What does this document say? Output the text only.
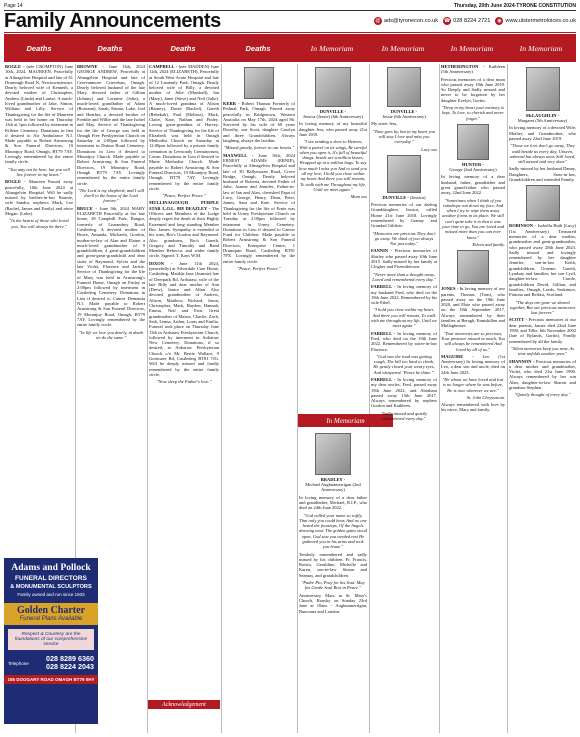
Page 14	Thursday, 20th June 2024-TYRONE CONSTITUTION
Family Announcements	@ ads@tyronecon.co.uk ☎ 028 8224 2721	◉ www.ulstermetroloices.co.uk
Deaths	Deaths	Deaths	Deaths	In Memoriam	In Memoriam	In Memoriam	In Memoriam

BOGLE - (née CROMPTON) June 10th, 2024. MAUREEN, Peacefully at Altnagelvin Hospital and late of 61 Drumragh Road N, Newtownstewart. Dearly beloved wife of Kenneth, a devoted mother of Christopher, Andrew (Linda) and Louise. A much-loved grandmother of Jake, Simon, William and Lilly. Service of Thanksgiving for the life of Maureen was held in her home on Thursday 13th at 1pm followed by interment in Killeter Cemetery. Donations in lieu if desired to Air Ambulance N.I. Made payable to Robert Armstrong & Son Funeral Directors, 19 Mountjoy Road, Omagh, BT79 7AY. Lovingly remembered by the entire family circle.

"You may not be here, but you will live forever in my heart."

BOGLE - Maureen Passed away peacefully, 10th June 2024 at Altnagelvin Hospital. Will be sadly missed by brother-in-law Ronnie, wife Sandra, nephews Mark, Lee (Rachel, James and Emily) and niece Megan. (Luke).

"In the hearts of those who loved you, You will always be there."

Adams and Pollock
FUNERAL DIRECTORS
& MONUMENTAL SCULPTORS
Family owned and run since 1933
Golden Charter
Funeral Plans Available
Respect & Courtesy are the foundations of our comprehensive service
Telephone 028 8289 6360
028 8224 2043
155 DOOGARY ROAD OMAGH BT79 0HY

BROWNE - June 13th, 2024 GEORGE ANDREW, Peacefully at Altnagelvin Hospital and late of Creevanmore Crieveban, Omagh. Dearly beloved husband of the late Mary, devoted father of Gillian (Johnny) and Lorraine (John), a much-loved grandfather of Adam (Roseann), Sarah, Emma, Luke, Joel and Heather, a devoted brother of Freddie and Willie and the late Isobel and May. Service of Thanksgiving for the life of George was held in Omagh Free Presbyterian Church on Saturday at 2:00pm followed by interment in Dutton Road Cemetery. Donations in Lieu if desired to Mountjoy Church. Made payable to Robert Armstrong & Son Funeral Directors, 19 Mountjoy Road, Omagh BT79 7AY. Lovingly remembered by the entire family circle.

"The Lord is my shepherd; and I will dwell in the house of the Lord forever."

BRUCE - June 9th, 2024 MARY ELIZABETH Peacefully at her late home, 38 Campbill Park, Bangor, formerly of Lisnamboy Road, Castlederg. A devoted mother of Bruce, Amanda, Michaela, Gordon, mother-in-law of Alan and Elaine, a much-loved grandmother of 9 grandchildren, 4 great-grandchildren and great-great-grandchild and dear sister of Raymond, Sylvia and the late Violet, Florence and Jackie. Service of Thanksgiving for the life of Mary was held in Armstrong's Funeral Home, Omagh on Friday at 2:00pm followed by interment in Castlederg Cemetery. Donations in Lieu if desired to Cancer Dementia N.I. Made payable to Robert Armstrong & Son Funeral Directors, 19 Mountjoy Road, Omagh, BT79 7AY. Lovingly remembered by the entire family circle.

"In life we love you dearly, in death we do the same."

CAMPBELL - (née MADDEN) June 12th, 2024 (ELIZABETH), Peacefully at South West Acute Hospital and late of 12 Lisnemly Park, Omagh. Dearly beloved wife of Billy, a devoted mother of Julie (Marshall), Ian (Mary), Janet (Steve) and Neil (Julie). A much-loved grandma of Alison (Barney), David (Rachel), Gareth (Rebekah), Paul (Melissa), Mark, Claire, Kate, Nathan and Finley. Loving great-grandma of Harvey. Service of Thanksgiving for the life of Elizabeth was held in Omagh Methodist Church on Saturday at 12:00pm followed by a private family cremation in Leeisondy Crematorium, Cavan. Donations in Lieu if desired to Marie Methodist Church. Made payable to Robert Armstrong & Son Funeral Directors, 19 Mountjoy Road, Omagh, BT79 7AY. Lovingly remembered by the entire family circle.

"Peace, Perfect Peace."

MULLINAGOUGH PURPLE STAR L.O.L. 888 DEAZLEY - The Officers and Members of the Lodge deeply regret the death of their Highly Esteemed and long standing Member Bro. James. Sympathy is extended to his sons, Bro's Gordon and Raymond. Also grandsons, Bro's Gareth, Gregory and Timothy and Band Member Rebecca, and wider family circle. Signed: T. Kays W.M.

DIXON - June 11th 2024, (peacefully) at Silverdale Care Home, Castlederg. Matilda Jane (Jeannie) late of Deerpark Rd, Ardstraw, wife of the late Billy and dear mother of Ann (Drew), Janice and Allan. Also devoted grandmother of Andrew, Alison, Matthew, Richard, Jason, Christopher, Mark, Hayden, Hannah, Emma, Neil and Erin. Great grandmother of Maisie, Charlie, Zach, Seth, Lenna, Arthur, Louis and Emilia. Funeral took place on Thursday June 13th in Ardstraw Presbyterian Church, followed by interment in Ardstraw New Cemetery. Donations, if so desired, to Ardstraw Presbyterian Church c/o Mr. Bertie Wallace, 9 Gortmore Rd, Castlederg BT81 7JG. Will be deeply missed and fondly remembered by the entire family circle.

"Now sleep the Father's love."

Acknowledgement

KERR - Robert Thomas Formerly of Pedinal Park, Omagh. Passed away peacefully in Bridgetown, Western Australia on May 17th, 2024 aged 86. Survived by his wife of 60 years Dorothy, son Scott, daughter Carolyn and three Grandchildren. Always laughing, always the larrikin.

"Missed greatly, forever in our hearts."

MAXWELL - June 16th, 2024 ERNEST ADAMS (ERNIE), Peacefully at Altnagelvin Hospital and late of 30 Ballymoran Road, Creve Bridge, Omagh. Dearly beloved husband of Roberta, devoted Father of Julie, Joanne and Jennifer, Father-in-law of Ian and Alan, cherished Papa of Lucy, George, Henry, Dean, Peter, James, Sam and Kate. Service of Thanksgiving for the life of Ernie was held in Urney Presbyterian Church on Tuesday at 2.00pm followed by interment in Urney Cemetery. Donations in Lieu if desired to Cancer Fund for Children. Made payable to Robert Armstrong & Son Funeral Directors, Enterprise Centre, 1 Drumquin Road, Castlederg BT81 7PX. Lovingly remembered by the entire family circle.

"Peace, Perfect Peace."

DUNVILLE -
Jessica (Jessie) (6th Anniversary)

In loving memory of my beautiful daughter Jess, who passed away 21st June 2018.

"I sex sending a dove to Heaven, With a parcel on its wings, Be careful when you open it, It's full of beautiful things. Inside are a million kisses, Wrapped up in a million hugs, To say how much I miss you And to send you all my love, I hold you close within my heart And there you will remain, To walk with me Throughout my life, Until we meet again."

Mum xxx

In Memoriam
BRADLEY -
Michael Aughnamerrigan (2nd Anniversary)

In loving memory of a dear father and grandfather, Michael, R.I.P., who died on 24th June 2022.

"God called your name so softly, That only you could hear, And no one heard the footsteps, Of the Angels drawing near. The golden gates stood open, God saw you needed rest He gathered you in his arms and took you home."

Tenderly remembered and sadly missed by his children, Fr. Francis, Roisin, Geraldine, Michelle and Karen, son-in-law Simon and Seamus, and grandchildren.

"Padre Pio, Pray for his Soul. May his Gentle Soul Rest in Peace."

Anniversary Mass in St. Mary's Church, Rousky on Sunday 23rd June at 10am. - Aughnamerrigan, Buncrana and London.

DUNVILLE -
Jessie (6th Anniversary)

My sister Jess,

"Time goes by, but in my heart you will stay I love and miss you everyday."

Lucy xxx

DUNVILLE - (Jessica)

Precious memories of our darling Granddaughter, Jessica, called Home 21st June 2018. Lovingly remembered by Granny and Grandad Gildivie.

"Memories are precious They don't go away. We think of you always Not just today."

FANNIN - Precious memories of Shirley who passed away 10th June 2015. Sadly missed by her family at Clogher and Fivemiletown.

"Never more than a thought away, Loved and remembered every day."

FARRELL - In loving memory of my husband Fred, who died on the 19th June 2022. Remembered by his wife Ethel.

"I hold you close within my heart, And there you will remain, To walk with me throughout my life, Until we meet again."

FARRELL - In loving memory of Fred, who died on the 19th June 2022. Remembered by sister-in-law Florence.

"God saw the road was getting rough, The hill too hard to climb, He gently closed your weary eyes, And whispered, 'Peace be thine.'"

FARRELL - In loving memory of my dear uncles, Fred, passed away 19th June 2022, and Abraham passed away 15th June 2017. Always remembered by nephew Gordon and Kathleen.

"Sadly missed and quietly remembered every day."

HETHERINGTON - Kathleen (5th Anniversary)

Precious memories of a dear mum who passed away 18th June 2019. So Deeply and Sadly missed and never to be forgotten by her daughter Evelyn, Gortin.

"Deep in my heart your memory is kept, To love, to cherish and never forget."

HUNTER -
George (2nd Anniversary)

In loving memory of a dear husband, father, grandfather and great grand-father who passed away, 22nd June 2022.

"Sometimes when I think of you raindrops run down my face, And when I try to wipe them away another forms in its place. We still can't quite take it in that it was your time to go, You are loved and missed more than you can ever know."

Eileen and family.

JONES - In loving memory of our parents, Thomas (Tom), who passed away on the 19th June 2020, and Elsie who passed away on the 18th September 2017. Always remembered by their families at Beragh, Enniskillen and Mullaghmore.

"Your memories are so precious, Your presence missed so much, You will always be remembered And loved by all of us."

MAGUIRE - Leo (1st Anniversary) In loving memory of Leo, a dear son and uncle, died on 24th June 2023.

"He whom we have loved and lost is no longer where he was before, He is now wherever we are."

St. John Chrysostom.

Always remembered with love by his niece, Mary and family.

McLAUGHLIN -
Margaret (5th Anniversary)

In loving memory of a devoted Wife, Mother, and Grandmother, who passed away 22nd June 2019.

"Those we love don't go away, They walk beside us every day, Unseen, unheard but always near, Still loved, still missed and very dear."

Sadly missed by her husband Danny, Daughters, Sons-in-law, Grandchildren and extended Family.

ROBINSON - Isobella Ruth (Lucy) (1st Anniversary) Treasured memories of a dear mother, grandmother and great-grandmother, who passed away 28th June 2023. Sadly missed and lovingly remembered by her daughter Jennifer, son-in-law Keith, grandchildren, Graeme, Gareth, Lyndsay and families; her son Cyril, daughter-in-law Carole, grandchildren David, Gillian, and families, Omagh, Leeds, Seskinore, Fintona and Belfast, Scotland.

"The days are gone we shared together, But our precious memories last forever."

SCOTT - Precious memories of our dear parents, James died 22nd June 1990, and Tillie, 6th November 2002 (late of Rylands, Gortin). Fondly remembered by all the family.

"Silent memories keep you near, As time unfolds another year."

SHANNON - Precious memories of a dear mother and grandmother, Violet, who died 21st June 1990. Always remembered by her son Alan, daughter-in-law Sharon and grandson Stephen.

"Quietly thought of every day."
